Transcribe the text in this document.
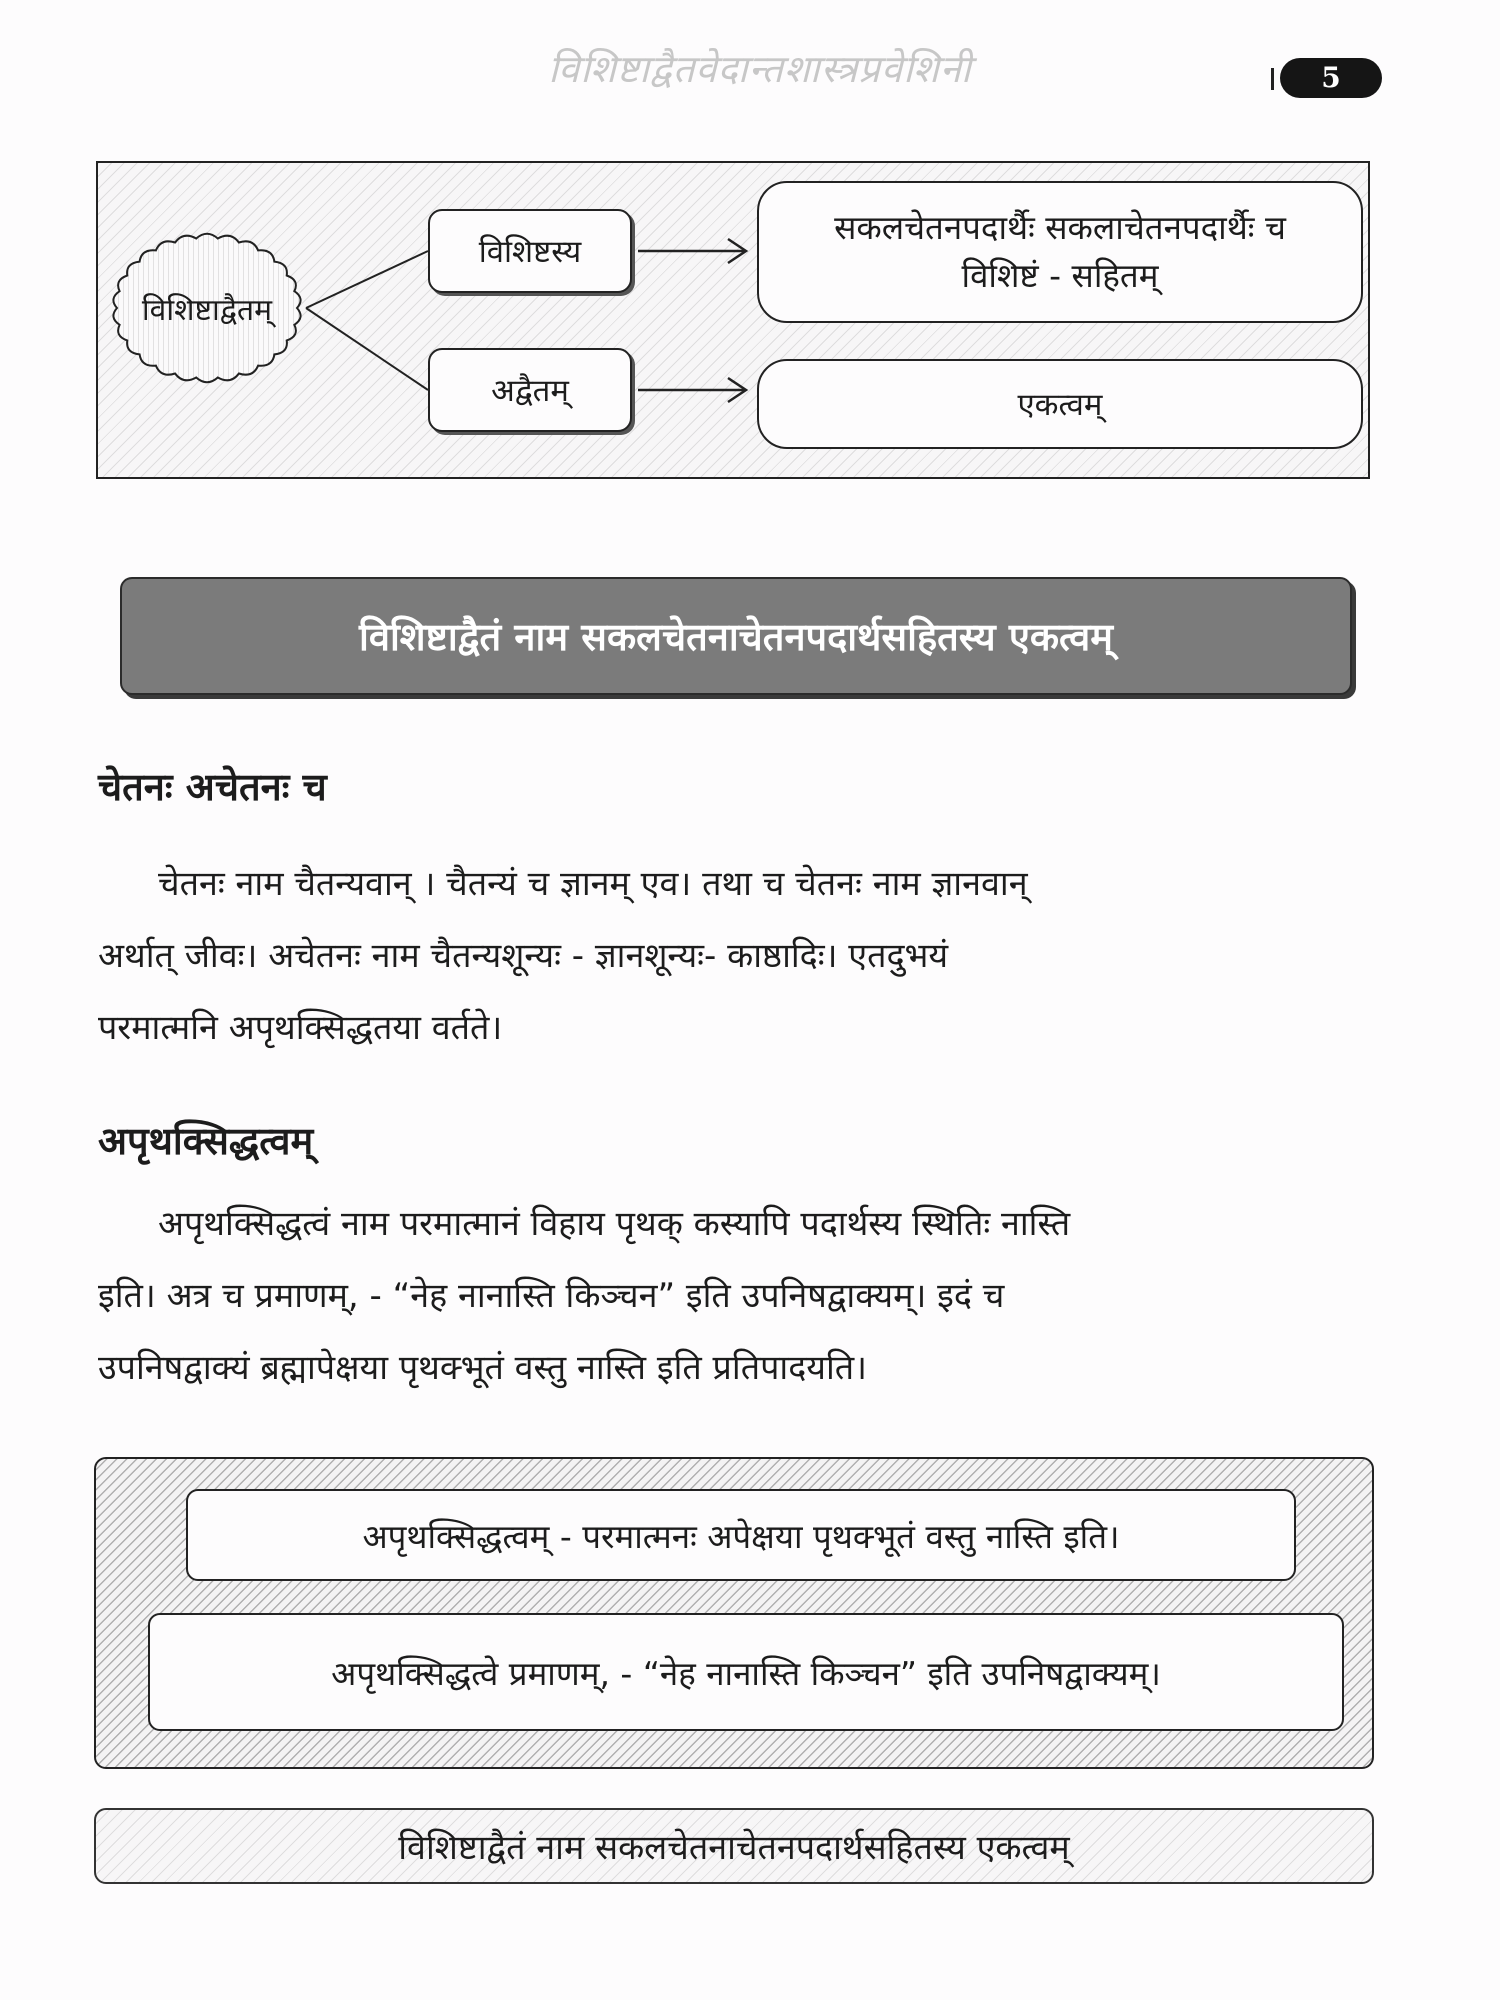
विशिष्टाद्वैतवेदान्तशास्त्रप्रवेशिनी	5
विशिष्टाद्वैतम्
विशिष्टस्य
अद्वैतम्
सकलचेतनपदार्थैः सकलाचेतनपदार्थैः च
विशिष्टं - सहितम्
एकत्वम्
विशिष्टाद्वैतं नाम सकलचेतनाचेतनपदार्थसहितस्य एकत्वम्
चेतनः अचेतनः च
चेतनः नाम चैतन्यवान् । चैतन्यं च ज्ञानम् एव। तथा च चेतनः नाम ज्ञानवान्
अर्थात् जीवः। अचेतनः नाम चैतन्यशून्यः - ज्ञानशून्यः- काष्ठादिः। एतदुभयं
परमात्मनि अपृथक्सिद्धतया वर्तते।
अपृथक्सिद्धत्वम्
अपृथक्सिद्धत्वं नाम परमात्मानं विहाय पृथक् कस्यापि पदार्थस्य स्थितिः नास्ति
इति। अत्र च प्रमाणम्, - “नेह नानास्ति किञ्चन” इति उपनिषद्वाक्यम्। इदं च
उपनिषद्वाक्यं ब्रह्मापेक्षया पृथक्भूतं वस्तु नास्ति इति प्रतिपादयति।
अपृथक्सिद्धत्वम् - परमात्मनः अपेक्षया पृथक्भूतं वस्तु नास्ति इति।
अपृथक्सिद्धत्वे प्रमाणम्, - “नेह नानास्ति किञ्चन” इति उपनिषद्वाक्यम्।
विशिष्टाद्वैतं नाम सकलचेतनाचेतनपदार्थसहितस्य एकत्वम्
